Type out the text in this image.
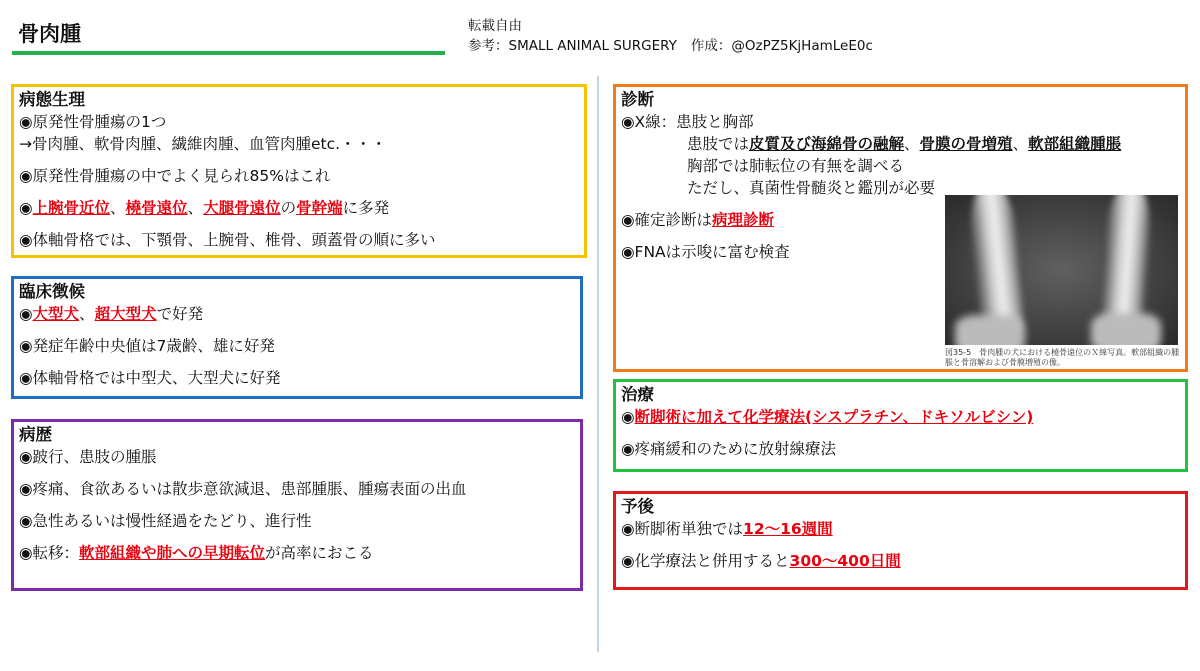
骨肉腫	転載自由
参考：SMALL ANIMAL SURGERY 作成：@OzPZ5KjHamLeE0c
病態生理
◉原発性骨腫瘍の1つ
→骨肉腫、軟骨肉腫、繊維肉腫、血管肉腫etc.・・・
◉原発性骨腫瘍の中でよく見られ85%はこれ
◉上腕骨近位、橈骨遠位、大腿骨遠位の骨幹端に多発
◉体軸骨格では、下顎骨、上腕骨、椎骨、頭蓋骨の順に多い
臨床徴候
◉大型犬、超大型犬で好発
◉発症年齢中央値は7歳齢、雄に好発
◉体軸骨格では中型犬、大型犬に好発
病歴
◉跛行、患肢の腫脹
◉疼痛、食欲あるいは散歩意欲減退、患部腫脹、腫瘍表面の出血
◉急性あるいは慢性経過をたどり、進行性
◉転移：軟部組織や肺への早期転位が高率におこる
診断
◉X線：患肢と胸部
患肢では皮質及び海綿骨の融解、骨膜の骨増殖、軟部組織腫脹
胸部では肺転位の有無を調べる
ただし、真菌性骨髄炎と鑑別が必要
◉確定診断は病理診断
◉FNAは示唆に富む検査
図35-5　骨肉腫の犬における橈骨遠位のＸ線写真。軟部組織の腫脹と骨溶解および骨膜増殖の像。
治療
◉断脚術に加えて化学療法(シスプラチン、ドキソルビシン)
◉疼痛緩和のために放射線療法
予後
◉断脚術単独では12～16週間
◉化学療法と併用すると300～400日間
